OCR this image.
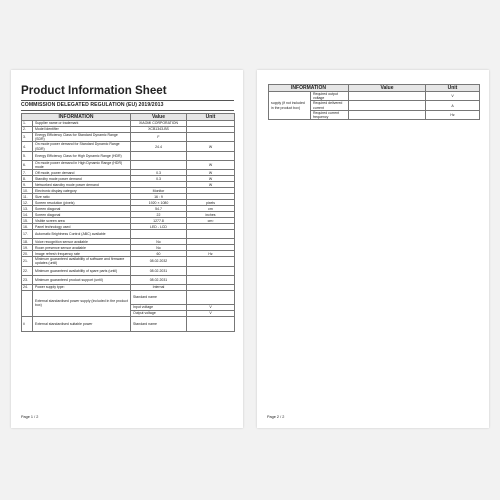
Product Information Sheet
COMMISSION DELEGATED REGULATION (EU) 2019/2013
INFORMATION		Value	Unit
1.	Supplier name or trademark	XIAOMI CORPORATION	
2.	Model identifier	XCB1343-BS	
3.	Energy Efficiency Class for Standard Dynamic Range (SDR)	F	
4.	On mode power demand for Standard Dynamic Range (SDR)	24.4	W
5.	Energy Efficiency Class for High Dynamic Range (HDR)		
6.	On mode power demand in High Dynamic Range (HDR) mode		W
7.	Off mode, power demand	0.3	W
8.	Standby mode power demand	0.3	W
9.	Networked standby mode power demand		W
10.	Electronic display category	Monitor	
11.	Size ratio	16 : 9	
12.	Screen resolution (pixels)	1920 × 1080	pixels
13.	Screen diagonal	54.7	cm
14.	Screen diagonal	22	inches
15.	Visible screen area	1277.8	cm²
16.	Panel technology used	LED - LCD	
17.	Automatic Brightness Control (ABC) available		
18.	Voice recognition sensor available	No	
19.	Room presence sensor available	No	
20.	Image refresh frequency rate	60	Hz
21.	Minimum guaranteed availability of software and firmware updates (until)	08.02.2032	
22.	Minimum guaranteed availability of spare parts (until)	08.02.2031	
23.	Minimum guaranteed product support (until)	08.02.2031	
24.	Power supply type:	Internal	
	External standardised power supply (included in the product box)	Standard name	
		Input voltage	V
		Output voltage	V
ii	External standardised suitable power	Standard name	
Page 1 / 2
INFORMATION		Value	Unit
supply (if not included in the product box)	Required output voltage		V
	Required delivered current		A
	Required current frequency		Hz
Page 2 / 2
